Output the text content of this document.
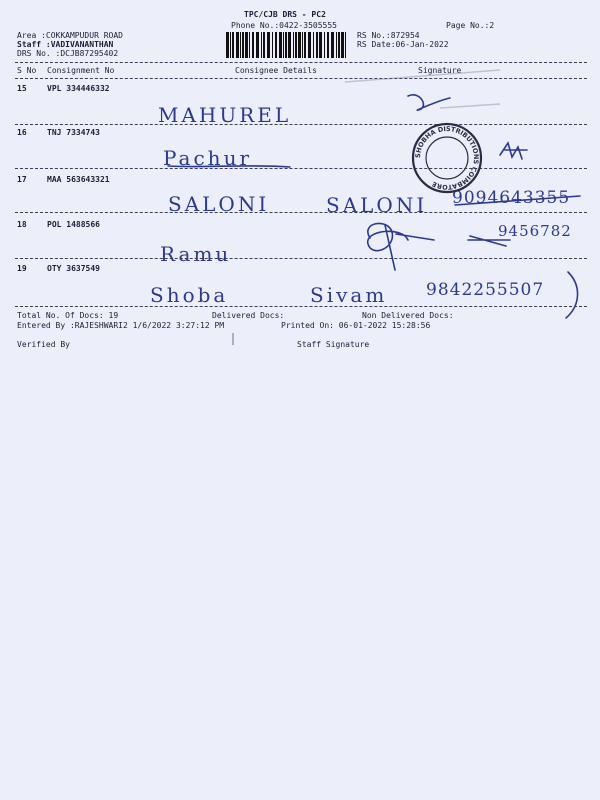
TPC/CJB DRS - PC2
Phone No.:0422-3505555	Page No.:2
Area :COKKAMPUDUR ROAD
Staff :VADIVANANTHAN
DRS No. :DCJB87295402
RS No.:872954
RS Date:06-Jan-2022
S No Consignment No	Consignee Details	Signature
15	VPL 334446332
MAHUREL
16	TNJ 7334743
Pachur
17	MAA 563643321
SALONI	SALONI 9094643355
18	POL 1488566
Ramu
9456782
19	OTY 3637549
Shoba	Sivam 9842255507
Total No. Of Docs: 19	Delivered Docs:	Non Delivered Docs:
Entered By :RAJESHWARI2 1/6/2022 3:27:12 PM	Printed On: 06-01-2022 15:28:56
Verified By	Staff Signature
SHOBHA DISTRIBUTIONS COIMBATORE
